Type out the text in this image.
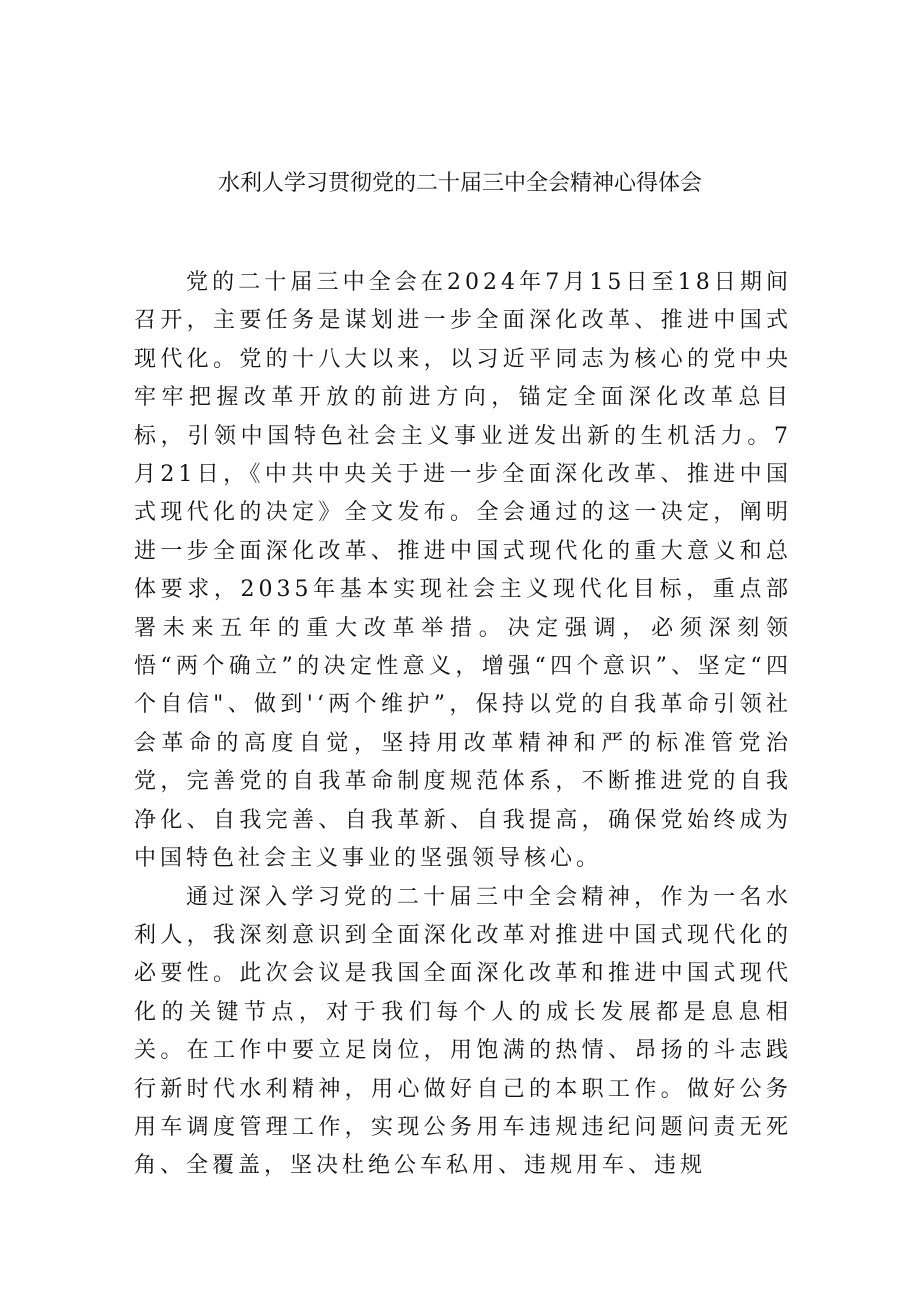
水利人学习贯彻党的二十届三中全会精神心得体会

党的二十届三中全会在2024年7月15日至18日期间召开，主要任务是谋划进一步全面深化改革、推进中国式现代化。党的十八大以来，以习近平同志为核心的党中央牢牢把握改革开放的前进方向，锚定全面深化改革总目标，引领中国特色社会主义事业迸发出新的生机活力。7月21日，《中共中央关于进一步全面深化改革、推进中国式现代化的决定》全文发布。全会通过的这一决定，阐明进一步全面深化改革、推进中国式现代化的重大意义和总体要求，2035年基本实现社会主义现代化目标，重点部署未来五年的重大改革举措。决定强调，必须深刻领悟“两个确立”的决定性意义，增强“四个意识”、坚定“四个自信"、做到'‘两个维护”，保持以党的自我革命引领社会革命的高度自觉，坚持用改革精神和严的标准管党治党，完善党的自我革命制度规范体系，不断推进党的自我净化、自我完善、自我革新、自我提高，确保党始终成为中国特色社会主义事业的坚强领导核心。

通过深入学习党的二十届三中全会精神，作为一名水利人，我深刻意识到全面深化改革对推进中国式现代化的必要性。此次会议是我国全面深化改革和推进中国式现代化的关键节点，对于我们每个人的成长发展都是息息相关。在工作中要立足岗位，用饱满的热情、昂扬的斗志践行新时代水利精神，用心做好自己的本职工作。做好公务用车调度管理工作，实现公务用车违规违纪问题问责无死角、全覆盖，坚决杜绝公车私用、违规用车、违规
